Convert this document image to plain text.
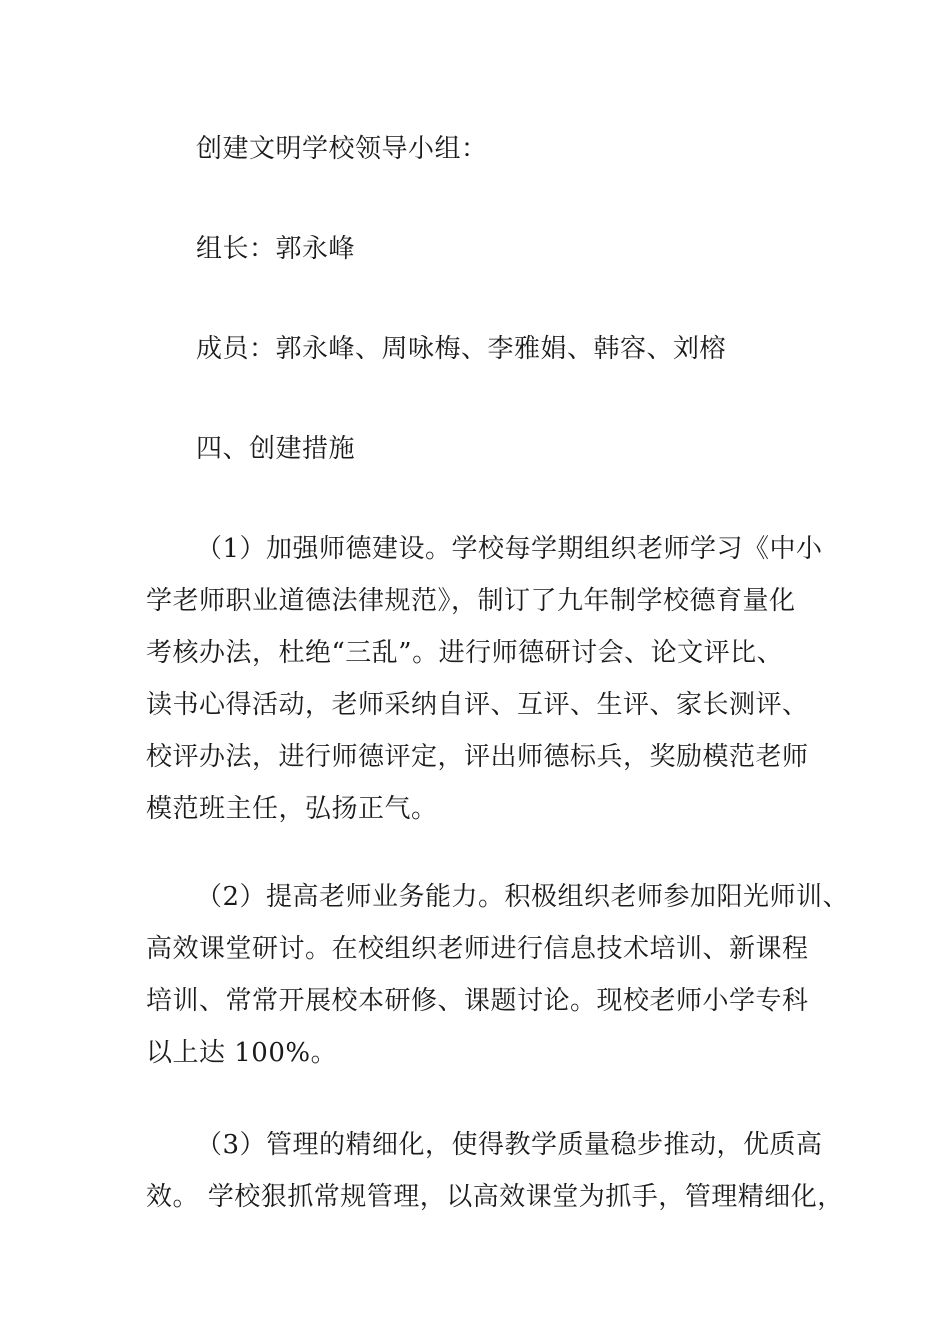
创建文明学校领导小组：
组长：郭永峰
成员：郭永峰、周咏梅、李雅娟、韩容、刘榕
四、创建措施
（1）加强师德建设。学校每学期组织老师学习《中小
学老师职业道德法律规范》，制订了九年制学校德育量化
考核办法，杜绝“三乱”。进行师德研讨会、论文评比、
读书心得活动，老师采纳自评、互评、生评、家长测评、
校评办法，进行师德评定，评出师德标兵，奖励模范老师
模范班主任，弘扬正气。
（2）提高老师业务能力。积极组织老师参加阳光师训、
高效课堂研讨。在校组织老师进行信息技术培训、新课程
培训、常常开展校本研修、课题讨论。现校老师小学专科
以上达 100%。
（3）管理的精细化，使得教学质量稳步推动，优质高
效。 学校狠抓常规管理，以高效课堂为抓手，管理精细化，
